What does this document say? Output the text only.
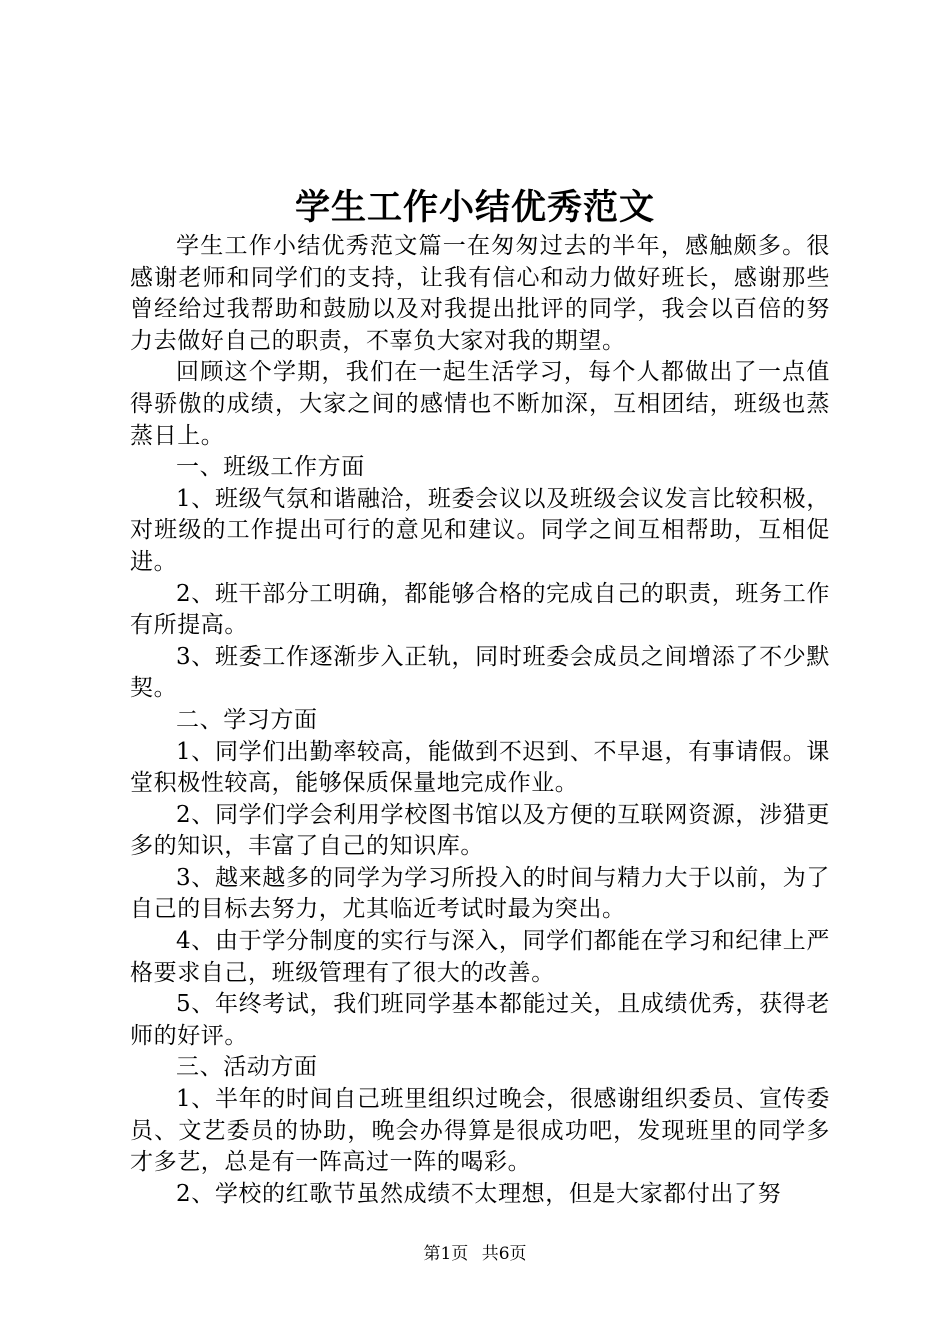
学生工作小结优秀范文

学生工作小结优秀范文篇一在匆匆过去的半年，感触颇多。很感谢老师和同学们的支持，让我有信心和动力做好班长，感谢那些曾经给过我帮助和鼓励以及对我提出批评的同学，我会以百倍的努力去做好自己的职责，不辜负大家对我的期望。

回顾这个学期，我们在一起生活学习，每个人都做出了一点值得骄傲的成绩，大家之间的感情也不断加深，互相团结，班级也蒸蒸日上。

一、班级工作方面

1、班级气氛和谐融洽，班委会议以及班级会议发言比较积极，对班级的工作提出可行的意见和建议。同学之间互相帮助，互相促进。

2、班干部分工明确，都能够合格的完成自己的职责，班务工作有所提高。

3、班委工作逐渐步入正轨，同时班委会成员之间增添了不少默契。

二、学习方面

1、同学们出勤率较高，能做到不迟到、不早退，有事请假。课堂积极性较高，能够保质保量地完成作业。

2、同学们学会利用学校图书馆以及方便的互联网资源，涉猎更多的知识，丰富了自己的知识库。

3、越来越多的同学为学习所投入的时间与精力大于以前，为了自己的目标去努力，尤其临近考试时最为突出。

4、由于学分制度的实行与深入，同学们都能在学习和纪律上严格要求自己，班级管理有了很大的改善。

5、年终考试，我们班同学基本都能过关，且成绩优秀，获得老师的好评。

三、活动方面

1、半年的时间自己班里组织过晚会，很感谢组织委员、宣传委员、文艺委员的协助，晚会办得算是很成功吧，发现班里的同学多才多艺，总是有一阵高过一阵的喝彩。

2、学校的红歌节虽然成绩不太理想，但是大家都付出了努

第1页 共6页
